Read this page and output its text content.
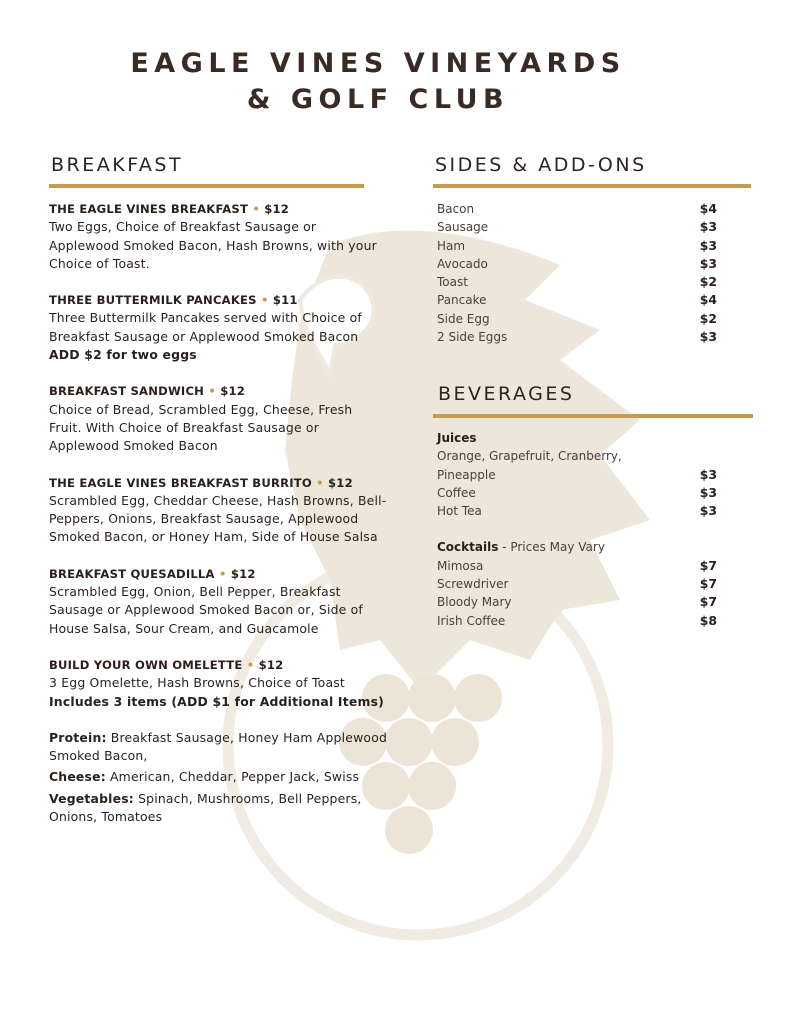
EAGLE VINES VINEYARDS
& GOLF CLUB
BREAKFAST
THE EAGLE VINES BREAKFAST • $12
Two Eggs, Choice of Breakfast Sausage or Applewood Smoked Bacon, Hash Browns, with your Choice of Toast.
THREE BUTTERMILK PANCAKES • $11
Three Buttermilk Pancakes served with Choice of Breakfast Sausage or Applewood Smoked Bacon
ADD $2 for two eggs
BREAKFAST SANDWICH • $12
Choice of Bread, Scrambled Egg, Cheese, Fresh Fruit. With Choice of Breakfast Sausage or Applewood Smoked Bacon
THE EAGLE VINES BREAKFAST BURRITO • $12
Scrambled Egg, Cheddar Cheese, Hash Browns, Bell-Peppers, Onions, Breakfast Sausage, Applewood Smoked Bacon, or Honey Ham, Side of House Salsa
BREAKFAST QUESADILLA • $12
Scrambled Egg, Onion, Bell Pepper, Breakfast Sausage or Applewood Smoked Bacon or, Side of House Salsa, Sour Cream, and Guacamole
BUILD YOUR OWN OMELETTE • $12
3 Egg Omelette, Hash Browns, Choice of Toast
Includes 3 items (ADD $1 for Additional Items)
Protein: Breakfast Sausage, Honey Ham Applewood Smoked Bacon,
Cheese: American, Cheddar, Pepper Jack, Swiss
Vegetables: Spinach, Mushrooms, Bell Peppers, Onions, Tomatoes
SIDES & ADD-ONS
Bacon	$4
Sausage	$3
Ham	$3
Avocado	$3
Toast	$2
Pancake	$4
Side Egg	$2
2 Side Eggs	$3
BEVERAGES
Juices
Orange, Grapefruit, Cranberry,
Pineapple	$3
Coffee	$3
Hot Tea	$3
Cocktails - Prices May Vary
Mimosa	$7
Screwdriver	$7
Bloody Mary	$7
Irish Coffee	$8
